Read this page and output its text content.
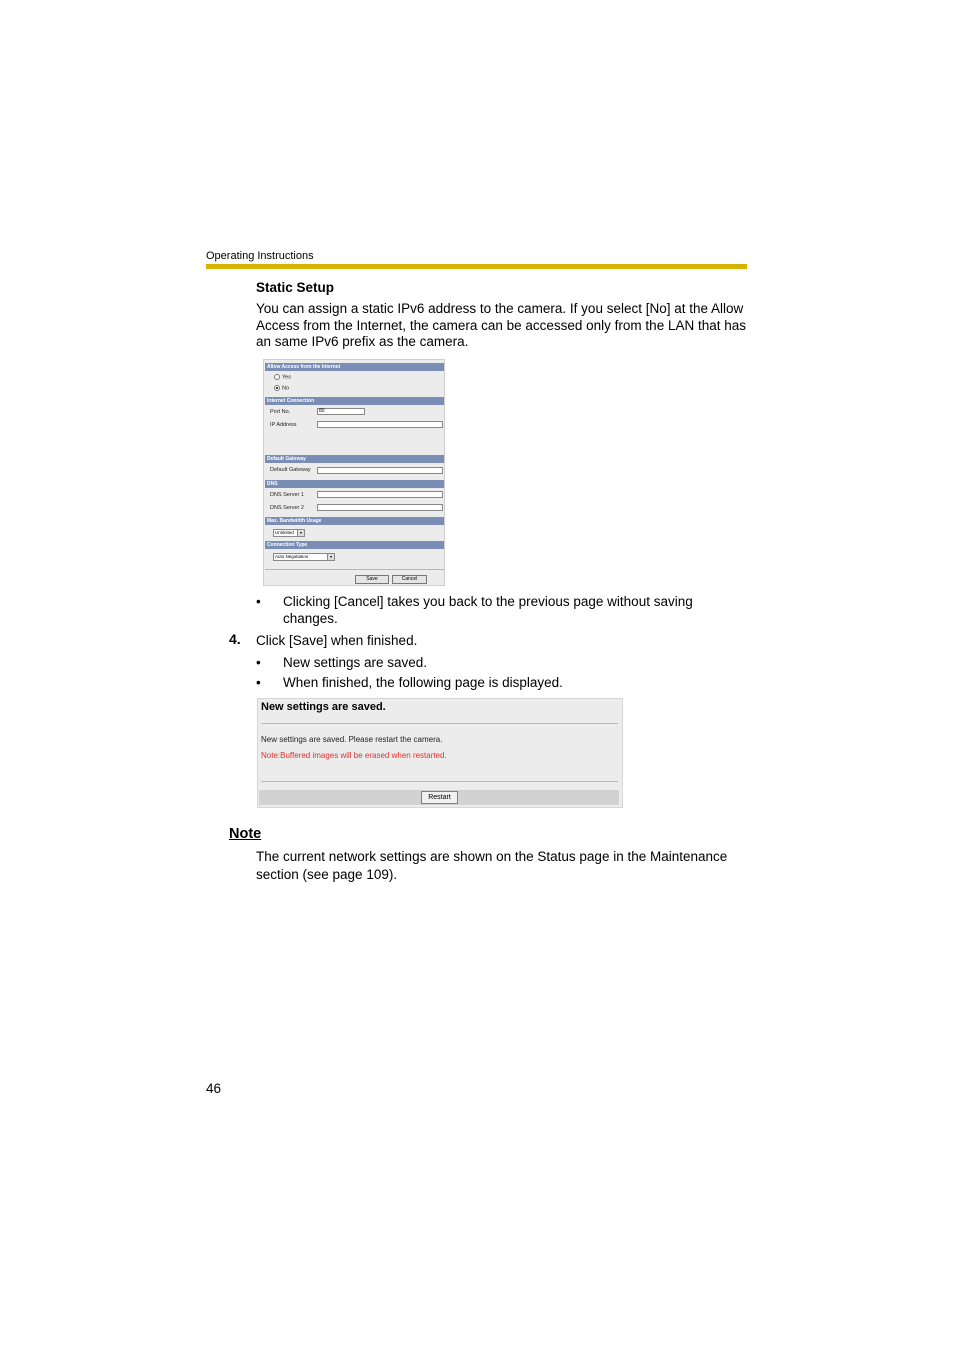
Operating Instructions
Static Setup
You can assign a static IPv6 address to the camera. If you select [No] at the Allow Access from the Internet, the camera can be accessed only from the LAN that has an same IPv6 prefix as the camera.
Allow Access from the Internet
Yes
No
Internet Connection
Port No.	80
IP Address
Default Gateway
Default Gateway
DNS
DNS Server 1
DNS Server 2
Max. Bandwidth Usage
Unlimited	▾
Connection Type
Auto Negotiation	▾
Save	Cancel
• Clicking [Cancel] takes you back to the previous page without saving changes.
4. Click [Save] when finished.
• New settings are saved.
• When finished, the following page is displayed.
New settings are saved.
New settings are saved. Please restart the camera.
Note:Buffered images will be erased when restarted.
Restart
Note
The current network settings are shown on the Status page in the Maintenance section (see page 109).
46
